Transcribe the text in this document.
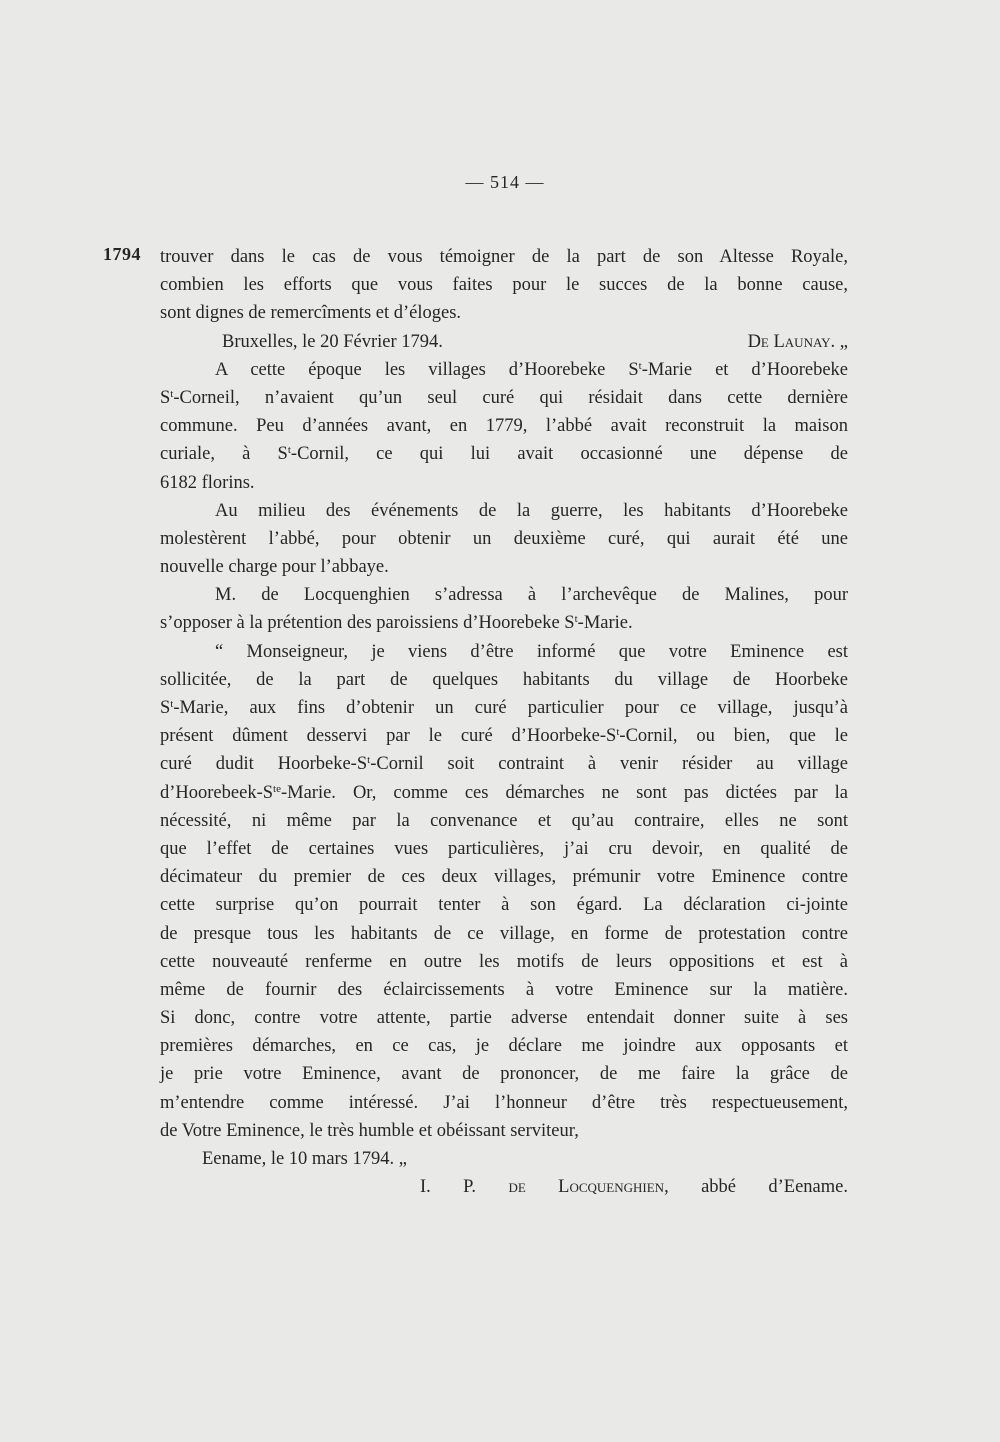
— 514 —
1794 trouver dans le cas de vous témoigner de la part de son Altesse Royale,
combien les efforts que vous faites pour le succes de la bonne cause,
sont dignes de remercîments et d’éloges.
Bruxelles, le 20 Février 1794.	De Launay. „
A cette époque les villages d’Hoorebeke $S^t$-Marie et d’Hoorebeke
$S^t$-Corneil, n’avaient qu’un seul curé qui résidait dans cette dernière
commune. Peu d’années avant, en 1779, l’abbé avait reconstruit la maison
curiale, à $S^t$-Cornil, ce qui lui avait occasionné une dépense de
6182 florins.
Au milieu des événements de la guerre, les habitants d’Hoorebeke
molestèrent l’abbé, pour obtenir un deuxième curé, qui aurait été une
nouvelle charge pour l’abbaye.
M. de Locquenghien s’adressa à l’archevêque de Malines, pour
s’opposer à la prétention des paroissiens d’Hoorebeke $S^t$-Marie.
“ Monseigneur, je viens d’être informé que votre Eminence est
sollicitée, de la part de quelques habitants du village de Hoorbeke
$S^t$-Marie, aux fins d’obtenir un curé particulier pour ce village, jusqu’à
présent dûment desservi par le curé $d’Hoorbeke-S^t$-Cornil, ou bien, que le
curé dudit Hoorbeke-$S^t$-Cornil soit contraint à venir résider au village
$d’Hoorebeek-S^{te}$-Marie. Or, comme ces démarches ne sont pas dictées par la
nécessité, ni même par la convenance et qu’au contraire, elles ne sont
que l’effet de certaines vues particulières, j’ai cru devoir, en qualité de
décimateur du premier de ces deux villages, prémunir votre Eminence contre
cette surprise qu’on pourrait tenter à son égard. La déclaration ci-jointe
de presque tous les habitants de ce village, en forme de protestation contre
cette nouveauté renferme en outre les motifs de leurs oppositions et est à
même de fournir des éclaircissements à votre Eminence sur la matière.
Si donc, contre votre attente, partie adverse entendait donner suite à ses
premières démarches, en ce cas, je déclare me joindre aux opposants et
je prie votre Eminence, avant de prononcer, de me faire la grâce de
m’entendre comme intéressé. J’ai l’honneur d’être très respectueusement,
de Votre Eminence, le très humble et obéissant serviteur,
Eename, le 10 mars 1794. „
I. P. de Locquenghien, abbé d’Eename.
